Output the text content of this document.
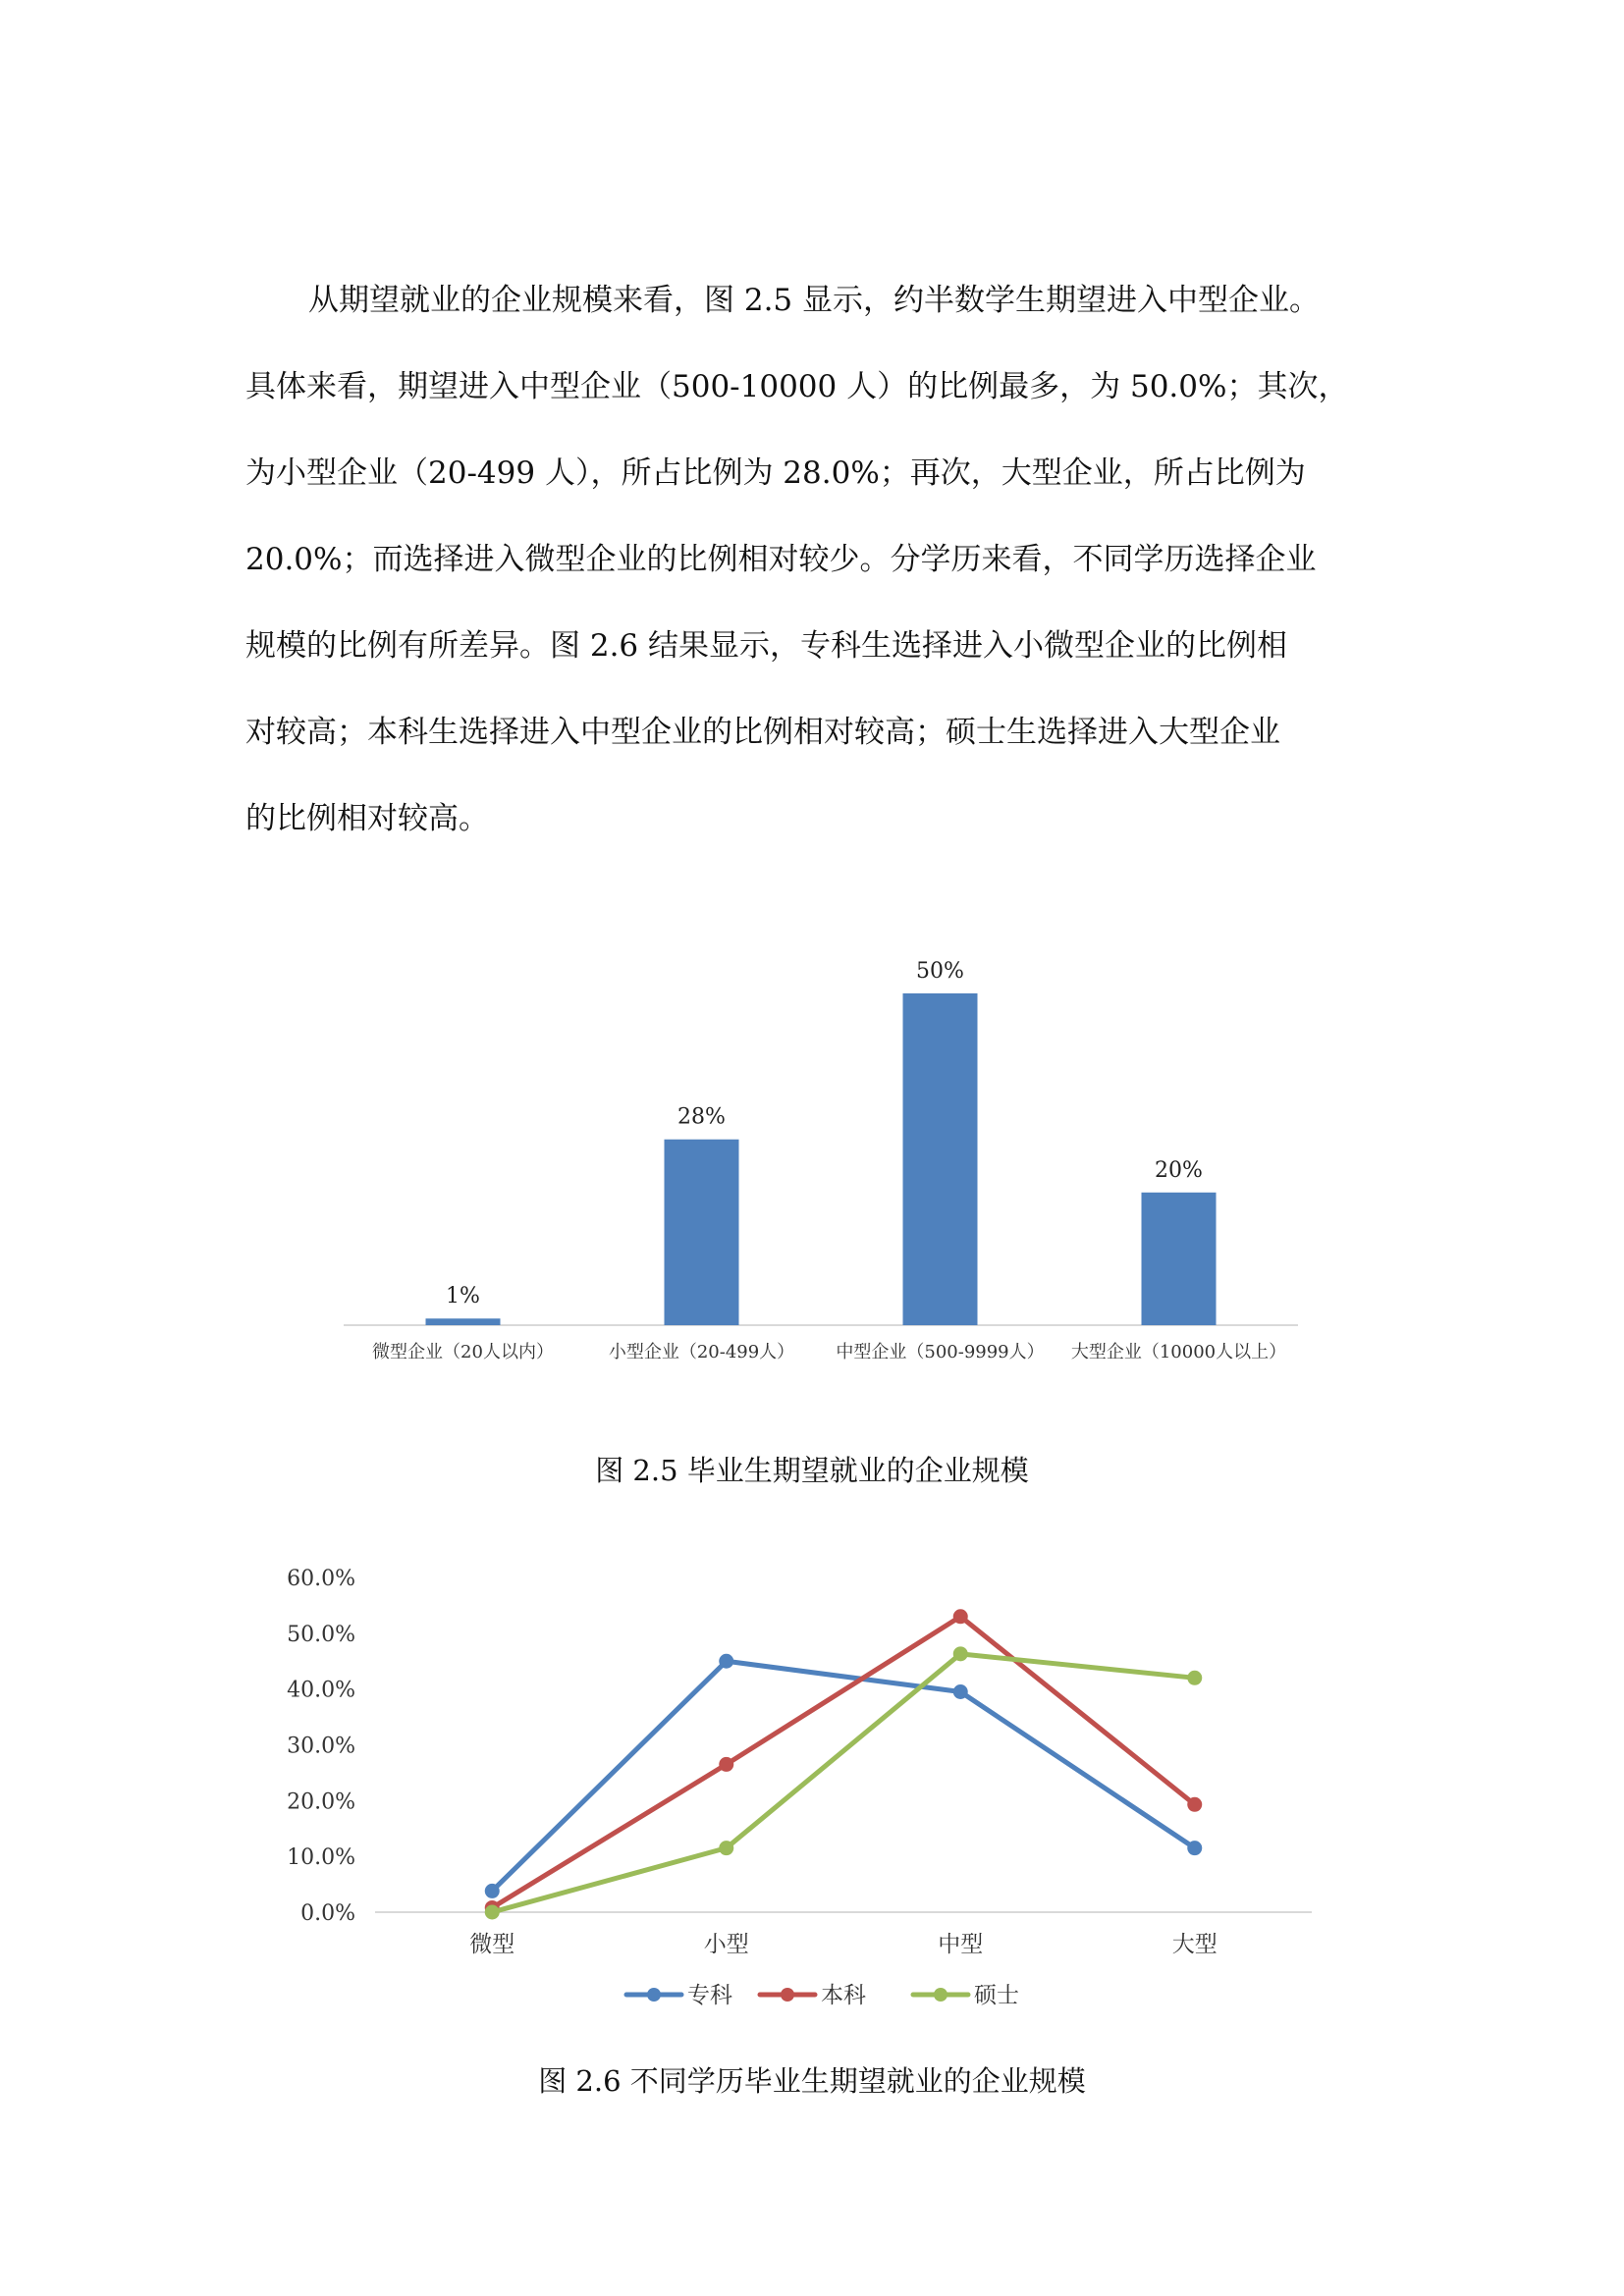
从期望就业的企业规模来看，图 2.5 显示，约半数学生期望进入中型企业。
具体来看，期望进入中型企业（500-10000 人）的比例最多，为 50.0%；其次，
为小型企业（20-499 人），所占比例为 28.0%；再次，大型企业，所占比例为
20.0%；而选择进入微型企业的比例相对较少。分学历来看，不同学历选择企业
规模的比例有所差异。图 2.6 结果显示，专科生选择进入小微型企业的比例相
对较高；本科生选择进入中型企业的比例相对较高；硕士生选择进入大型企业
的比例相对较高。
1%
微型企业（20人以内）
28%
小型企业（20-499人）
50%
中型企业（500-9999人）
20%
大型企业（10000人以上）

图 2.5 毕业生期望就业的企业规模

0.0%
10.0%
20.0%
30.0%
40.0%
50.0%
60.0%
微型	小型	中型	大型
专科	本科	硕士

图 2.6 不同学历毕业生期望就业的企业规模
